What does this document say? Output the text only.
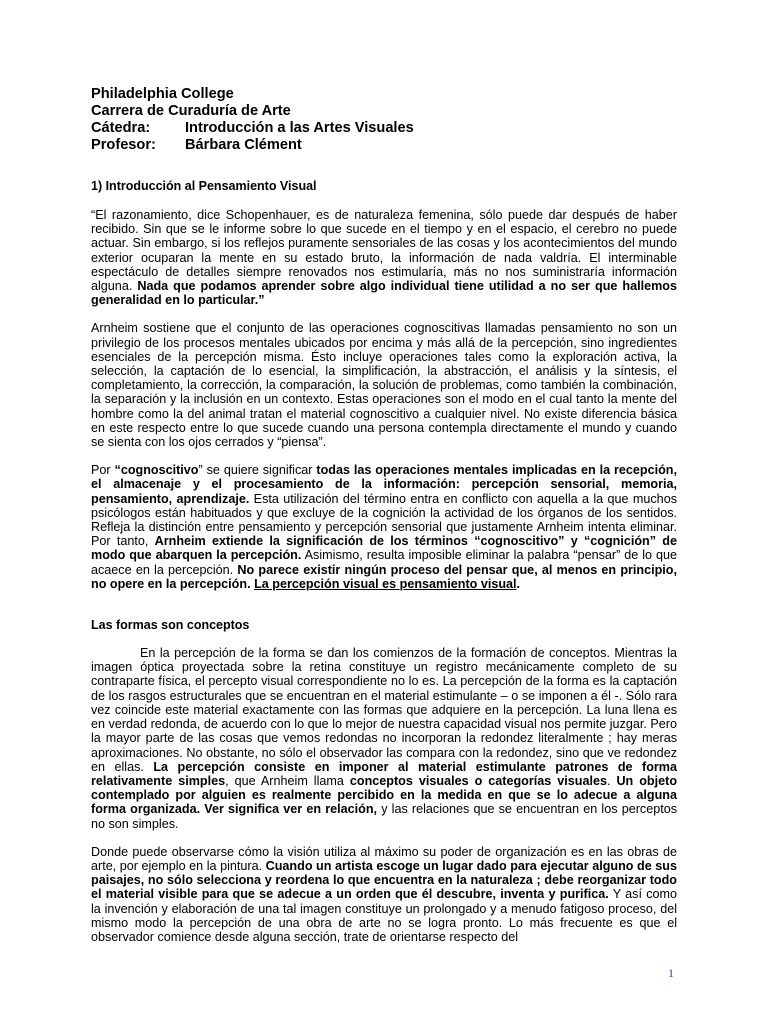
Philadelphia College
Carrera de Curaduría de Arte
Cátedra: Introducción a las Artes Visuales
Profesor: Bárbara Clément
1) Introducción al Pensamiento Visual

“El razonamiento, dice Schopenhauer, es de naturaleza femenina, sólo puede dar después de haber recibido. Sin que se le informe sobre lo que sucede en el tiempo y en el espacio, el cerebro no puede actuar. Sin embargo, si los reflejos puramente sensoriales de las cosas y los acontecimientos del mundo exterior ocuparan la mente en su estado bruto, la información de nada valdría. El interminable espectáculo de detalles siempre renovados nos estimularía, más no nos suministraría información alguna. Nada que podamos aprender sobre algo individual tiene utilidad a no ser que hallemos generalidad en lo particular.”

Arnheim sostiene que el conjunto de las operaciones cognoscitivas llamadas pensamiento no son un privilegio de los procesos mentales ubicados por encima y más allá de la percepción, sino ingredientes esenciales de la percepción misma. Ésto incluye operaciones tales como la exploración activa, la selección, la captación de lo esencial, la simplificación, la abstracción, el análisis y la síntesis, el completamiento, la corrección, la comparación, la solución de problemas, como también la combinación, la separación y la inclusión en un contexto. Estas operaciones son el modo en el cual tanto la mente del hombre como la del animal tratan el material cognoscitivo a cualquier nivel. No existe diferencia básica en este respecto entre lo que sucede cuando una persona contempla directamente el mundo y cuando se sienta con los ojos cerrados y “piensa”.

Por “cognoscitivo” se quiere significar todas las operaciones mentales implicadas en la recepción, el almacenaje y el procesamiento de la información: percepción sensorial, memoria, pensamiento, aprendizaje. Esta utilización del término entra en conflicto con aquella a la que muchos psicólogos están habituados y que excluye de la cognición la actividad de los órganos de los sentidos. Refleja la distinción entre pensamiento y percepción sensorial que justamente Arnheim intenta eliminar. Por tanto, Arnheim extiende la significación de los términos “cognoscitivo” y “cognición” de modo que abarquen la percepción. Asimismo, resulta imposible eliminar la palabra “pensar” de lo que acaece en la percepción. No parece existir ningún proceso del pensar que, al menos en principio, no opere en la percepción. La percepción visual es pensamiento visual.

Las formas son conceptos

En la percepción de la forma se dan los comienzos de la formación de conceptos. Mientras la imagen óptica proyectada sobre la retina constituye un registro mecánicamente completo de su contraparte física, el percepto visual correspondiente no lo es. La percepción de la forma es la captación de los rasgos estructurales que se encuentran en el material estimulante – o se imponen a él -. Sólo rara vez coincide este material exactamente con las formas que adquiere en la percepción. La luna llena es en verdad redonda, de acuerdo con lo que lo mejor de nuestra capacidad visual nos permite juzgar. Pero la mayor parte de las cosas que vemos redondas no incorporan la redondez literalmente ; hay meras aproximaciones. No obstante, no sólo el observador las compara con la redondez, sino que ve redondez en ellas. La percepción consiste en imponer al material estimulante patrones de forma relativamente simples, que Arnheim llama conceptos visuales o categorías visuales. Un objeto contemplado por alguien es realmente percibido en la medida en que se lo adecue a alguna forma organizada. Ver significa ver en relación, y las relaciones que se encuentran en los perceptos no son simples.

Donde puede observarse cómo la visión utiliza al máximo su poder de organización es en las obras de arte, por ejemplo en la pintura. Cuando un artista escoge un lugar dado para ejecutar alguno de sus paisajes, no sólo selecciona y reordena lo que encuentra en la naturaleza ; debe reorganizar todo el material visible para que se adecue a un orden que él descubre, inventa y purifica. Y así como la invención y elaboración de una tal imagen constituye un prolongado y a menudo fatigoso proceso, del mismo modo la percepción de una obra de arte no se logra pronto. Lo más frecuente es que el observador comience desde alguna sección, trate de orientarse respecto del

1
